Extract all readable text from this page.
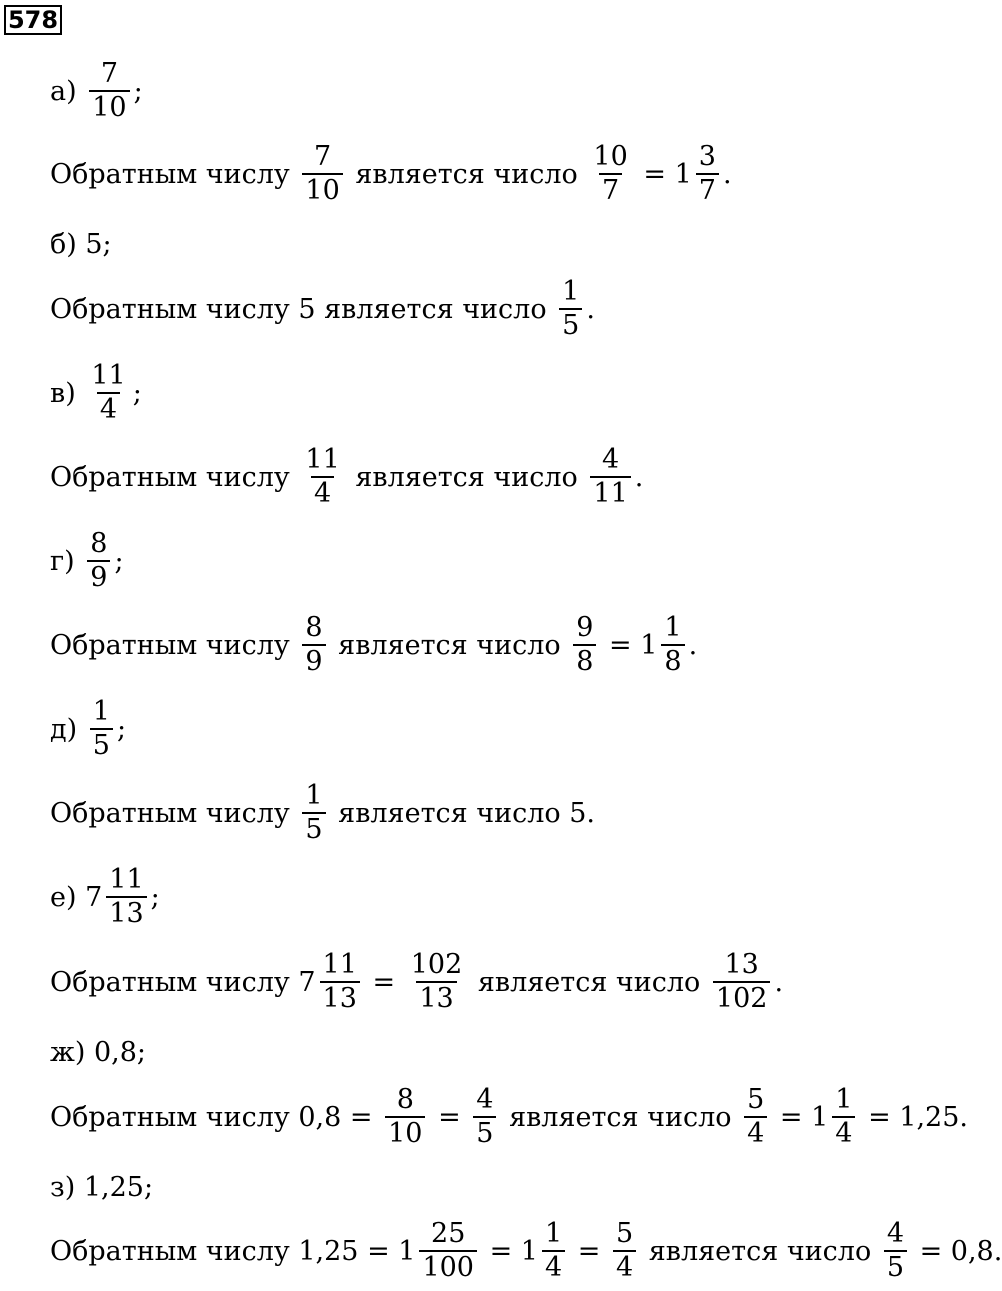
578
$а) \frac{7}{10}$ ;
Обратным числу $\frac{7}{10}$ является число $\frac{10}{7} = 1 \frac{3}{7}$ .
б) 5;
Обратным числу 5 является число $\frac{1}{5}$ .
$в) \frac{11}{4}$ ;
Обратным числу $\frac{11}{4}$ является число $\frac{4}{11}$ .
$г) \frac{8}{9}$ ;
Обратным числу $\frac{8}{9}$ является число $\frac{9}{8} = 1 \frac{1}{8}$ .
$д) \frac{1}{5}$ ;
Обратным числу $\frac{1}{5}$ является число 5.
е) $7 \frac{11}{13}$ ;
Обратным числу $7 \frac{11}{13} = \frac{102}{13}$ является число $\frac{13}{102}$ .
ж) 0,8;
Обратным числу $0,8 = \frac{8}{10} = \frac{4}{5}$ является число $\frac{5}{4} = 1 \frac{1}{4} = 1,25$.
з) 1,25;
Обратным числу $1,25 = 1 \frac{25}{100} = 1 \frac{1}{4} = \frac{5}{4}$ является число $\frac{4}{5} = 0,8$.
